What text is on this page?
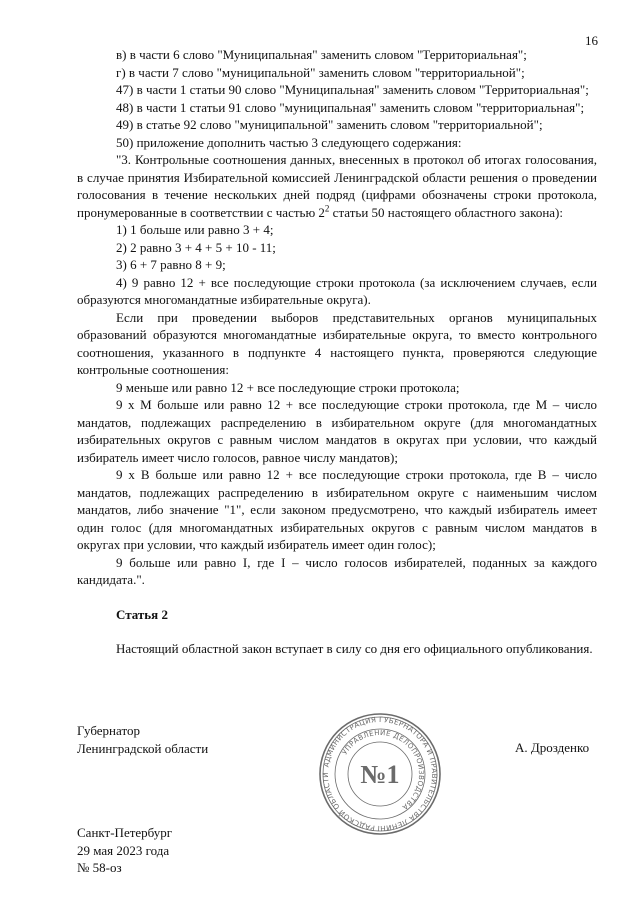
16

в) в части 6 слово "Муниципальная" заменить словом "Территориальная";

г) в части 7 слово "муниципальной" заменить словом "территориальной";

47) в части 1 статьи 90 слово "Муниципальная" заменить словом "Территориальная";

48) в части 1 статьи 91 слово "муниципальная" заменить словом "территориальная";

49) в статье 92 слово "муниципальной" заменить словом "территориальной";

50) приложение дополнить частью 3 следующего содержания:

"3. Контрольные соотношения данных, внесенных в протокол об итогах голосования, в случае принятия Избирательной комиссией Ленинградской области решения о проведении голосования в течение нескольких дней подряд (цифрами обозначены строки протокола, пронумерованные в соответствии с частью $2^2$ статьи 50 настоящего областного закона):

1) 1 больше или равно 3 + 4;

2) 2 равно 3 + 4 + 5 + 10 - 11;

3) 6 + 7 равно 8 + 9;

4) 9 равно 12 + все последующие строки протокола (за исключением случаев, если образуются многомандатные избирательные округа).

Если при проведении выборов представительных органов муниципальных образований образуются многомандатные избирательные округа, то вместо контрольного соотношения, указанного в подпункте 4 настоящего пункта, проверяются следующие контрольные соотношения:

9 меньше или равно 12 + все последующие строки протокола;

9 х М больше или равно 12 + все последующие строки протокола, где М – число мандатов, подлежащих распределению в избирательном округе (для многомандатных избирательных округов с равным числом мандатов в округах при условии, что каждый избиратель имеет число голосов, равное числу мандатов);

9 х В больше или равно 12 + все последующие строки протокола, где В – число мандатов, подлежащих распределению в избирательном округе с наименьшим числом мандатов, либо значение "1", если законом предусмотрено, что каждый избиратель имеет один голос (для многомандатных избирательных округов с равным числом мандатов в округах при условии, что каждый избиратель имеет один голос);

9 больше или равно I, где I – число голосов избирателей, поданных за каждого кандидата.".

Статья 2

Настоящий областной закон вступает в силу со дня его официального опубликования.

Губернатор
Ленинградской области	А. Дрозденко
АДМИНИСТРАЦИЯ ГУБЕРНАТОРА И ПРАВИТЕЛЬСТВА ЛЕНИНГРАДСКОЙ ОБЛАСТИ
УПРАВЛЕНИЕ ДЕЛОПРОИЗВОДСТВА
№1
Санкт-Петербург
29 мая 2023 года
№ 58-оз
